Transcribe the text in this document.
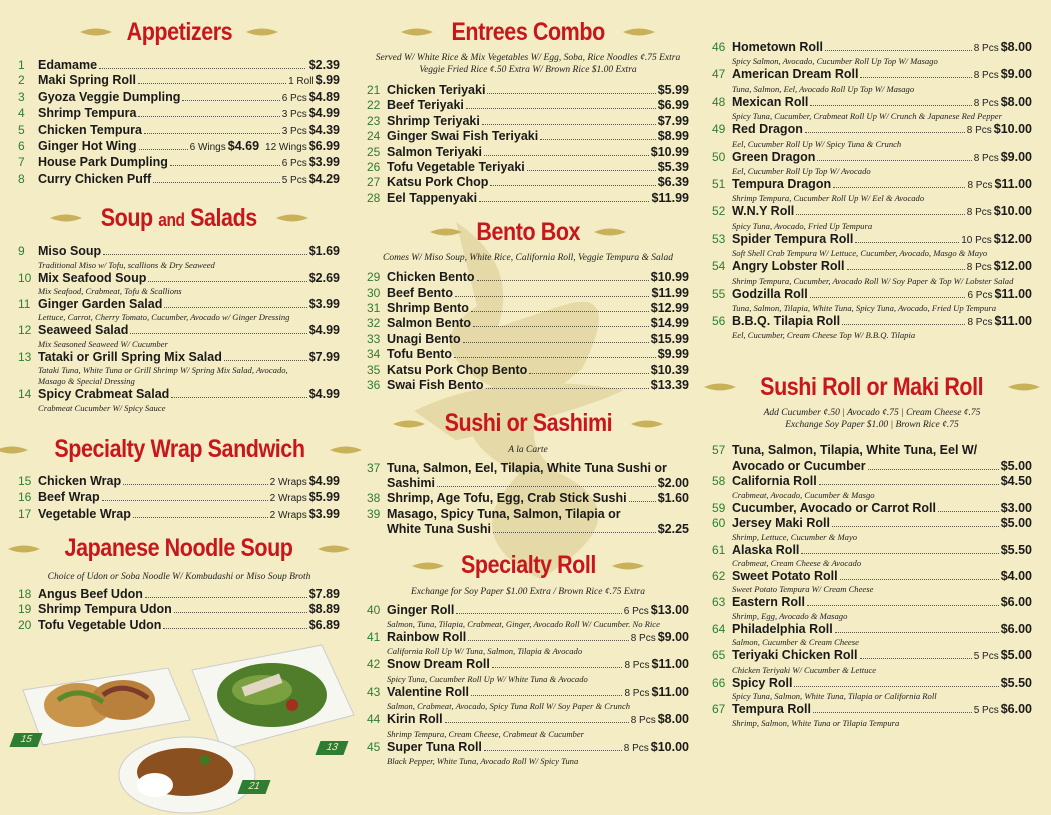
Appetizers
1	Edamame	$2.39
2	Maki Spring Roll	1 Roll $.99
3	Gyoza Veggie Dumpling	6 Pcs $4.89
4	Shrimp Tempura	3 Pcs $4.99
5	Chicken Tempura	3 Pcs $4.39
6	Ginger Hot Wing	6 Wings $4.69 12 Wings $6.99
7	House Park Dumpling	6 Pcs $3.99
8	Curry Chicken Puff	5 Pcs $4.29
Soup and Salads
9	Miso Soup	$1.69
Traditional Miso w/ Tofu, scallions & Dry Seaweed
10 Mix Seafood Soup	$2.69
Mix Seafood, Crabmeat, Tofu & Scallions
11 Ginger Garden Salad	$3.99
Lettuce, Carrot, Cherry Tomato, Cucumber, Avocado w/ Ginger Dressing
12 Seaweed Salad	$4.99
Mix Seasoned Seaweed W/ Cucumber
13 Tataki or Grill Spring Mix Salad	$7.99
Tataki Tuna, White Tuna or Grill Shrimp W/ Spring Mix Salad, Avocado,
Masago & Special Dressing
14 Spicy Crabmeat Salad	$4.99
Crabmeat Cucumber W/ Spicy Sauce
Specialty Wrap Sandwich
15 Chicken Wrap	2 Wraps $4.99
16 Beef Wrap	2 Wraps $5.99
17 Vegetable Wrap	2 Wraps $3.99
Japanese Noodle Soup
Choice of Udon or Soba Noodle W/ Kombudashi or Miso Soup Broth
18 Angus Beef Udon	$7.89
19 Shrimp Tempura Udon	$8.89
20 Tofu Vegetable Udon	$6.89
15
13
21
Entrees Combo
Served W/ White Rice & Mix Vegetables W/ Egg, Soba, Rice Noodles ¢.75 Extra
Veggie Fried Rice ¢.50 Extra W/ Brown Rice $1.00 Extra
21 Chicken Teriyaki	$5.99
22 Beef Teriyaki	$6.99
23 Shrimp Teriyaki	$7.99
24 Ginger Swai Fish Teriyaki	$8.99
25 Salmon Teriyaki	$10.99
26 Tofu Vegetable Teriyaki	$5.39
27 Katsu Pork Chop	$6.39
28 Eel Tappenyaki	$11.99
Bento Box
Comes W/ Miso Soup, White Rice, California Roll, Veggie Tempura & Salad
29 Chicken Bento	$10.99
30 Beef Bento	$11.99
31 Shrimp Bento	$12.99
32 Salmon Bento	$14.99
33 Unagi Bento	$15.99
34 Tofu Bento	$9.99
35 Katsu Pork Chop Bento	$10.39
36 Swai Fish Bento	$13.39
Sushi or Sashimi
A la Carte
37 Tuna, Salmon, Eel, Tilapia, White Tuna Sushi or
Sashimi	$2.00
38 Shrimp, Age Tofu, Egg, Crab Stick Sushi $1.60
39 Masago, Spicy Tuna, Salmon, Tilapia or
White Tuna Sushi	$2.25
Specialty Roll
Exchange for Soy Paper $1.00 Extra / Brown Rice ¢.75 Extra
40 Ginger Roll	6 Pcs $13.00
Salmon, Tuna, Tilapia, Crabmeat, Ginger, Avocado Roll W/ Cucumber. No Rice
41 Rainbow Roll	8 Pcs $9.00
California Roll Up W/ Tuna, Salmon, Tilapia & Avocado
42 Snow Dream Roll	8 Pcs $11.00
Spicy Tuna, Cucumber Roll Up W/ White Tuna & Avocado
43 Valentine Roll	8 Pcs $11.00
Salmon, Crabmeat, Avocado, Spicy Tuna Roll W/ Soy Paper & Crunch
44 Kirin Roll	8 Pcs $8.00
Shrimp Tempura, Cream Cheese, Crabmeat & Cucumber
45 Super Tuna Roll	8 Pcs $10.00
Black Pepper, White Tuna, Avocado Roll W/ Spicy Tuna
46 Hometown Roll	8 Pcs $8.00
Spicy Salmon, Avocado, Cucumber Roll Up Top W/ Masago
47 American Dream Roll	8 Pcs $9.00
Tuna, Salmon, Eel, Avocado Roll Up Top W/ Masago
48 Mexican Roll	8 Pcs $8.00
Spicy Tuna, Cucumber, Crabmeat Roll Up W/ Crunch & Japanese Red Pepper
49 Red Dragon	8 Pcs $10.00
Eel, Cucumber Roll Up W/ Spicy Tuna & Crunch
50 Green Dragon	8 Pcs $9.00
Eel, Cucumber Roll Up Top W/ Avocado
51 Tempura Dragon	8 Pcs $11.00
Shrimp Tempura, Cucumber Roll Up W/ Eel & Avocado
52 W.N.Y Roll	8 Pcs $10.00
Spicy Tuna, Avocado, Fried Up Tempura
53 Spider Tempura Roll	10 Pcs $12.00
Soft Shell Crab Tempura W/ Lettuce, Cucumber, Avocado, Masgo & Mayo
54 Angry Lobster Roll	8 Pcs $12.00
Shrimp Tempura, Cucumber, Avocado Roll W/ Soy Paper & Top W/ Lobster Salad
55 Godzilla Roll	6 Pcs $11.00
Tuna, Salmon, Tilapia, White Tuna, Spicy Tuna, Avocado, Fried Up Tempura
56 B.B.Q. Tilapia Roll	8 Pcs $11.00
Eel, Cucumber, Cream Cheese Top W/ B.B.Q. Tilapia
Sushi Roll or Maki Roll
Add Cucumber ¢.50 | Avocado ¢.75 | Cream Cheese ¢.75
Exchange Soy Paper $1.00 | Brown Rice ¢.75
57 Tuna, Salmon, Tilapia, White Tuna, Eel W/
Avocado or Cucumber	$5.00
58 California Roll	$4.50
Crabmeat, Avocado, Cucumber & Masgo
59 Cucumber, Avocado or Carrot Roll	$3.00
60 Jersey Maki Roll	$5.00
Shrimp, Lettuce, Cucumber & Mayo
61 Alaska Roll	$5.50
Crabmeat, Cream Cheese & Avocado
62 Sweet Potato Roll	$4.00
Sweet Potato Tempura W/ Cream Cheese
63 Eastern Roll	$6.00
Shrimp, Egg, Avocado & Masago
64 Philadelphia Roll	$6.00
Salmon, Cucumber & Cream Cheese
65 Teriyaki Chicken Roll	5 Pcs $5.00
Chicken Teriyaki W/ Cucumber & Lettuce
66 Spicy Roll	$5.50
Spicy Tuna, Salmon, White Tuna, Tilapia or California Roll
67 Tempura Roll	5 Pcs $6.00
Shrimp, Salmon, White Tuna or Tilapia Tempura
